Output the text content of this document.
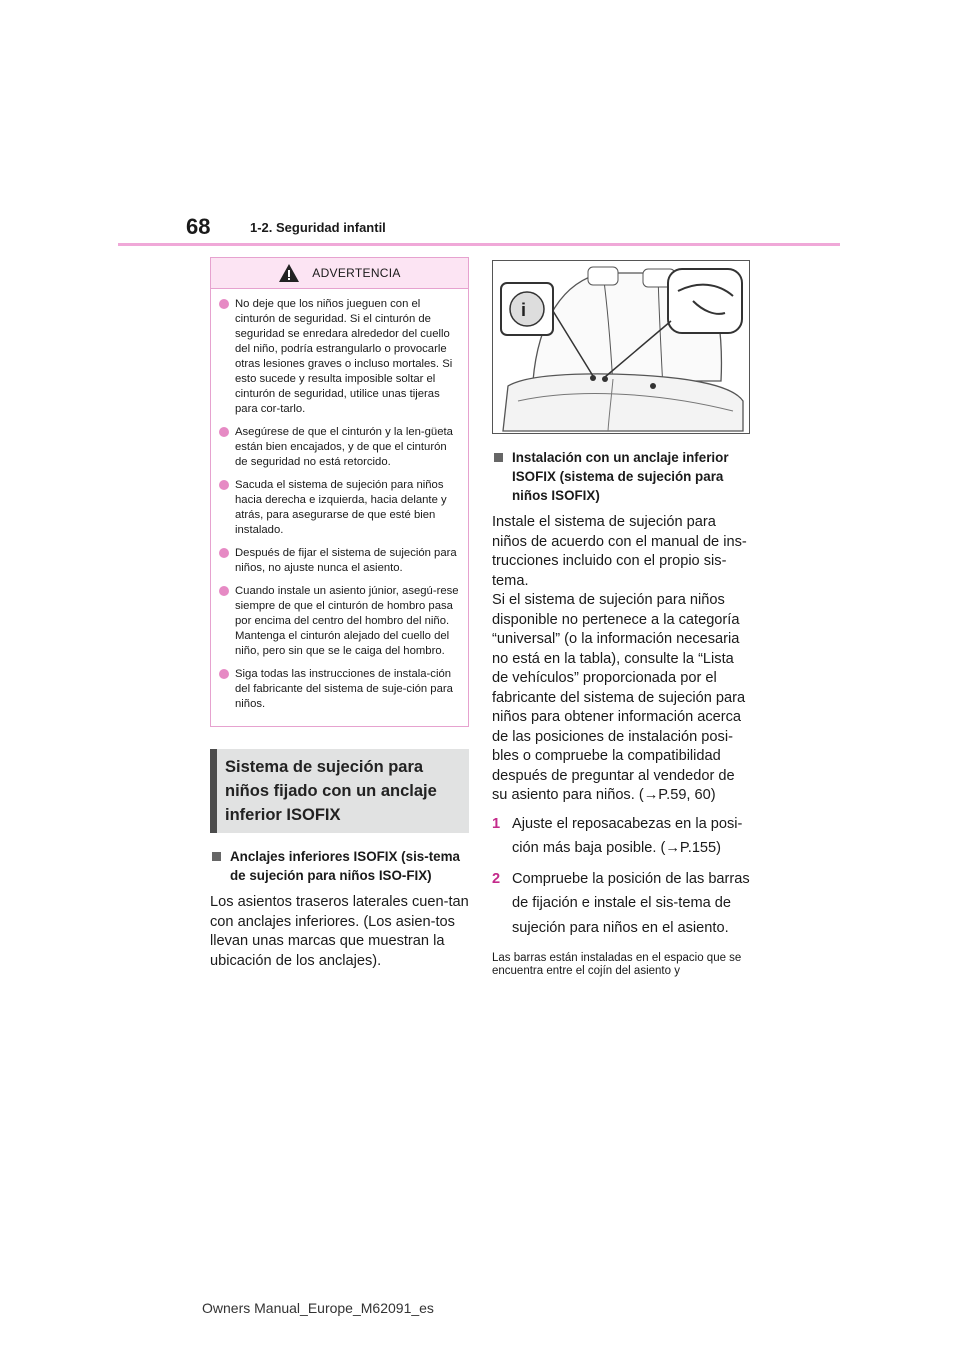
68	1-2. Seguridad infantil
ADVERTENCIA
No deje que los niños jueguen con el cinturón de seguridad. Si el cinturón de seguridad se enredara alrededor del cuello del niño, podría estrangularlo o provocarle otras lesiones graves o incluso mortales. Si esto sucede y resulta imposible soltar el cinturón de seguridad, utilice unas tijeras para cor-tarlo.
Asegúrese de que el cinturón y la len-güeta están bien encajados, y de que el cinturón de seguridad no está retorcido.
Sacuda el sistema de sujeción para niños hacia derecha e izquierda, hacia delante y atrás, para asegurarse de que esté bien instalado.
Después de fijar el sistema de sujeción para niños, no ajuste nunca el asiento.
Cuando instale un asiento júnior, asegú-rese siempre de que el cinturón de hombro pasa por encima del centro del hombro del niño. Mantenga el cinturón alejado del cuello del niño, pero sin que se le caiga del hombro.
Siga todas las instrucciones de instala-ción del fabricante del sistema de suje-ción para niños.
Sistema de sujeción para niños fijado con un anclaje inferior ISOFIX
Anclajes inferiores ISOFIX (sis-tema de sujeción para niños ISO-FIX)
Los asientos traseros laterales cuen-tan con anclajes inferiores. (Los asien-tos llevan unas marcas que muestran la ubicación de los anclajes).
i
Instalación con un anclaje inferior ISOFIX (sistema de sujeción para niños ISOFIX)
Instale el sistema de sujeción para niños de acuerdo con el manual de ins-trucciones incluido con el propio sis-tema.
Si el sistema de sujeción para niños disponible no pertenece a la categoría “universal” (o la información necesaria no está en la tabla), consulte la “Lista de vehículos” proporcionada por el fabricante del sistema de sujeción para niños para obtener información acerca de las posiciones de instalación posi-bles o compruebe la compatibilidad después de preguntar al vendedor de su asiento para niños. (→P.59, 60)
1 Ajuste el reposacabezas en la posi-ción más baja posible. (→P.155)
2 Compruebe la posición de las barras de fijación e instale el sis-tema de sujeción para niños en el asiento.
Las barras están instaladas en el espacio que se encuentra entre el cojín del asiento y
Owners Manual_Europe_M62091_es
